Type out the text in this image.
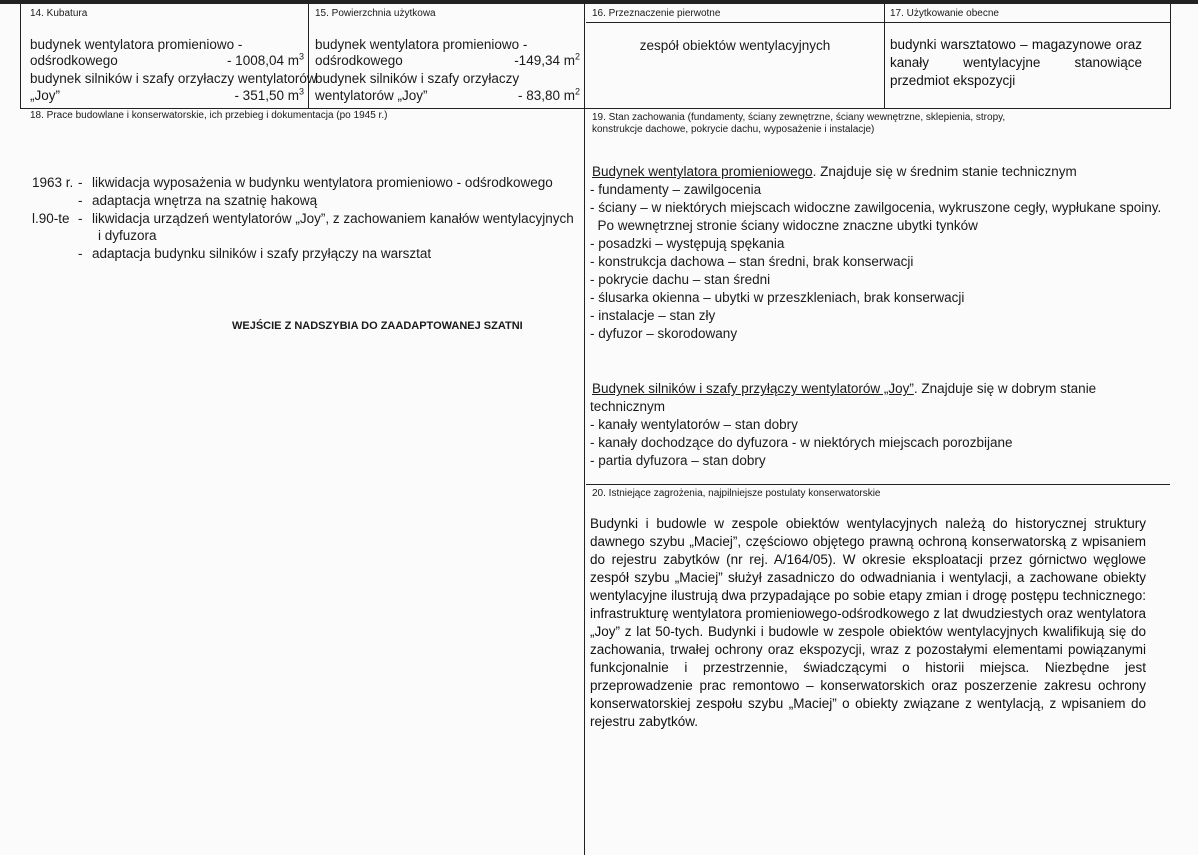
14. Kubatura
budynek wentylatora promieniowo -
odśrodkowego	- 1008,04 $m^3$
budynek silników i szafy orzyłaczy wentylatorów
„Joy”	- 351,50 $m^3$
15. Powierzchnia użytkowa
budynek wentylatora promieniowo -
odśrodkowego	-149,34 $m^2$
budynek silników i szafy orzyłaczy
wentylatorów „Joy”	- 83,80 $m^2$
16. Przeznaczenie pierwotne
zespół obiektów wentylacyjnych
17. Użytkowanie obecne
budynki warsztatowo – magazynowe oraz kanały wentylacyjne stanowiące przedmiot ekspozycji
18. Prace budowlane i konserwatorskie, ich przebieg i dokumentacja (po 1945 r.)
1963 r. - likwidacja wyposażenia w budynku wentylatora promieniowo - odśrodkowego
- adaptacja wnętrza na szatnię hakową
l.90-te - likwidacja urządzeń wentylatorów „Joy”, z zachowaniem kanałów wentylacyjnych
i dyfuzora
- adaptacja budynku silników i szafy przyłączy na warsztat
WEJŚCIE Z NADSZYBIA DO ZAADAPTOWANEJ SZATNI
19. Stan zachowania (fundamenty, ściany zewnętrzne, ściany wewnętrzne, sklepienia, stropy,
konstrukcje dachowe, pokrycie dachu, wyposażenie i instalacje)
Budynek wentylatora promieniowego. Znajduje się w średnim stanie technicznym
- fundamenty – zawilgocenia
- ściany – w niektórych miejscach widoczne zawilgocenia, wykruszone cegły, wypłukane spoiny.
Po wewnętrznej stronie ściany widoczne znaczne ubytki tynków
- posadzki – występują spękania
- konstrukcja dachowa – stan średni, brak konserwacji
- pokrycie dachu – stan średni
- ślusarka okienna – ubytki w przeszkleniach, brak konserwacji
- instalacje – stan zły
- dyfuzor – skorodowany
Budynek silników i szafy przyłączy wentylatorów „Joy”. Znajduje się w dobrym stanie
technicznym
- kanały wentylatorów – stan dobry
- kanały dochodzące do dyfuzora - w niektórych miejscach porozbijane
- partia dyfuzora – stan dobry
20. Istniejące zagrożenia, najpilniejsze postulaty konserwatorskie
Budynki i budowle w zespole obiektów wentylacyjnych należą do historycznej struktury dawnego szybu „Maciej”, częściowo objętego prawną ochroną konserwatorską z wpisaniem do rejestru zabytków (nr rej. A/164/05). W okresie eksploatacji przez górnictwo węglowe zespół szybu „Maciej” służył zasadniczo do odwadniania i wentylacji, a zachowane obiekty wentylacyjne ilustrują dwa przypadające po sobie etapy zmian i drogę postępu technicznego: infrastrukturę wentylatora promieniowego-odśrodkowego z lat dwudziestych oraz wentylatora „Joy” z lat 50-tych. Budynki i budowle w zespole obiektów wentylacyjnych kwalifikują się do zachowania, trwałej ochrony oraz ekspozycji, wraz z pozostałymi elementami powiązanymi funkcjonalnie i przestrzennie, świadczącymi o historii miejsca. Niezbędne jest przeprowadzenie prac remontowo – konserwatorskich oraz poszerzenie zakresu ochrony konserwatorskiej zespołu szybu „Maciej” o obiekty związane z wentylacją, z wpisaniem do rejestru zabytków.
